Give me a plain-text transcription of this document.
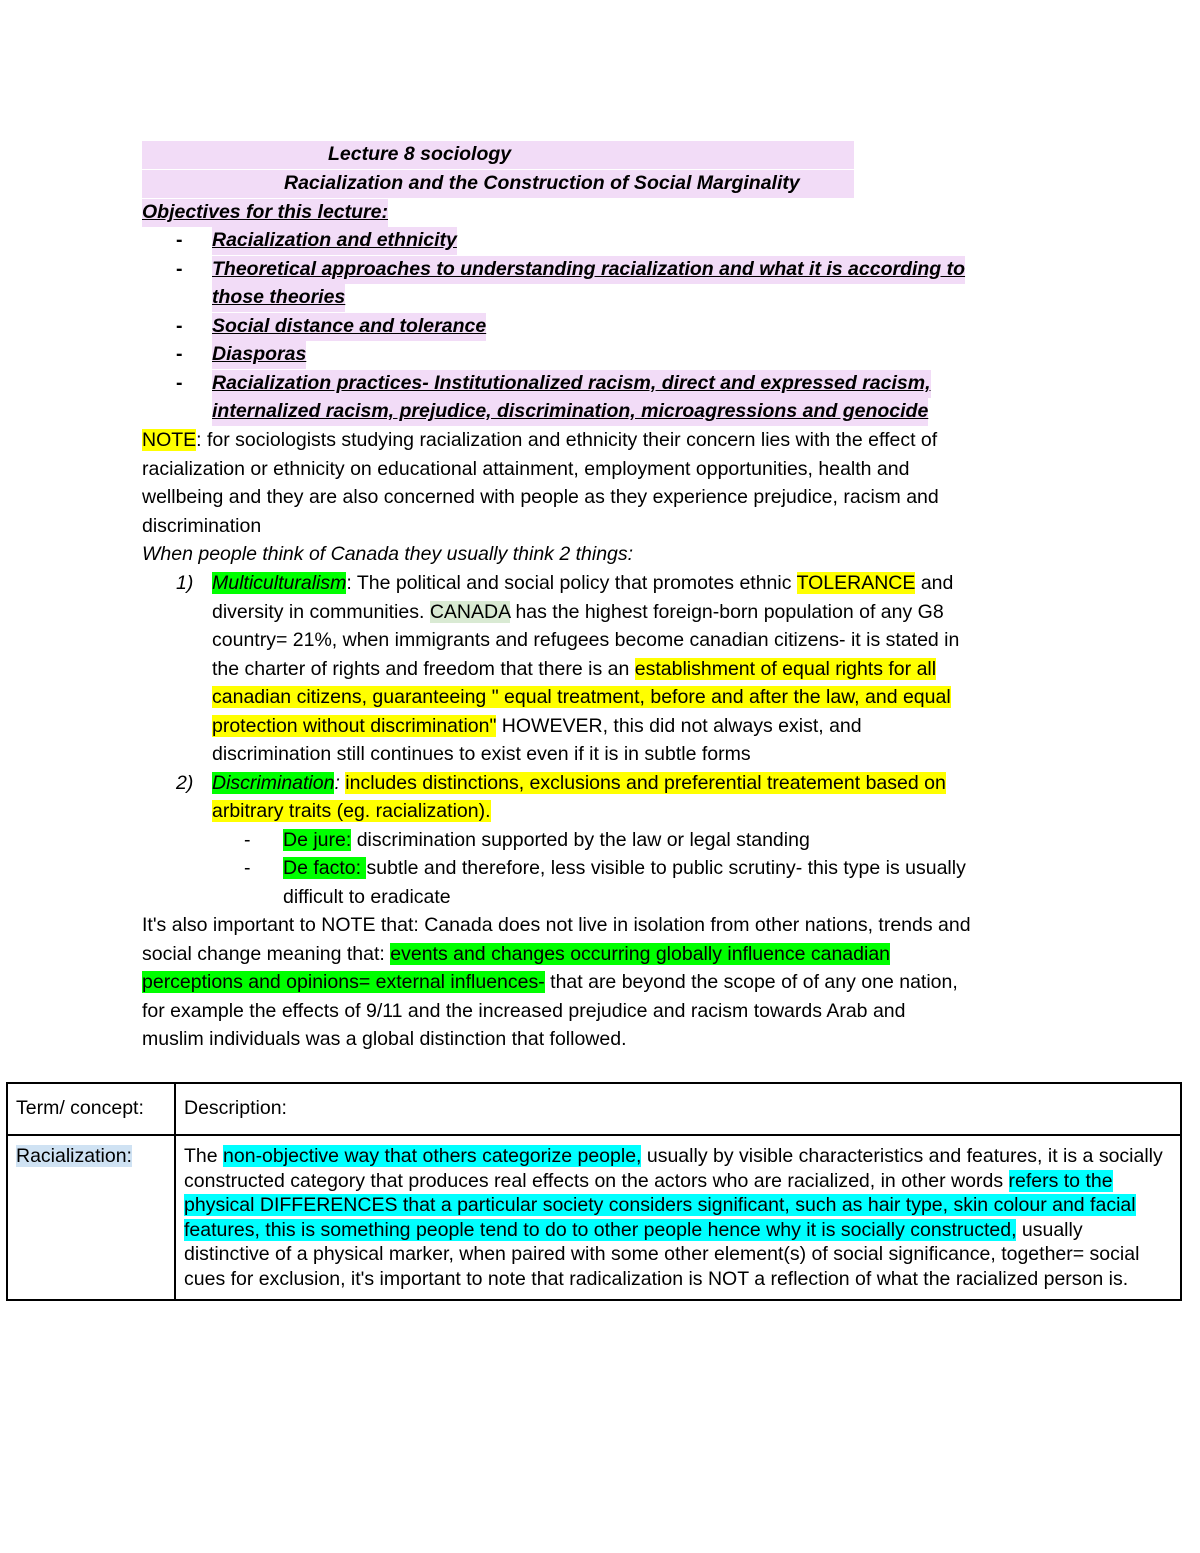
Lecture 8 sociology
Racialization and the Construction of Social Marginality
Objectives for this lecture:
-	Racialization and ethnicity
-	Theoretical approaches to understanding racialization and what it is according to
those theories
-	Social distance and tolerance
-	Diasporas
-	Racialization practices- Institutionalized racism, direct and expressed racism,
internalized racism, prejudice, discrimination, microagressions and genocide
NOTE: for sociologists studying racialization and ethnicity their concern lies with the effect of
racialization or ethnicity on educational attainment, employment opportunities, health and
wellbeing and they are also concerned with people as they experience prejudice, racism and
discrimination
When people think of Canada they usually think 2 things:
1) Multiculturalism: The political and social policy that promotes ethnic TOLERANCE and
diversity in communities. CANADA has the highest foreign-born population of any G8
country= 21%, when immigrants and refugees become canadian citizens- it is stated in
the charter of rights and freedom that there is an establishment of equal rights for all
canadian citizens, guaranteeing " equal treatment, before and after the law, and equal
protection without discrimination" HOWEVER, this did not always exist, and
discrimination still continues to exist even if it is in subtle forms
2) Discrimination: includes distinctions, exclusions and preferential treatement based on
arbitrary traits (eg. racialization).
- De jure: discrimination supported by the law or legal standing
- De facto: subtle and therefore, less visible to public scrutiny- this type is usually
difficult to eradicate
It's also important to NOTE that: Canada does not live in isolation from other nations, trends and
social change meaning that: events and changes occurring globally influence canadian
perceptions and opinions= external influences- that are beyond the scope of of any one nation,
for example the effects of 9/11 and the increased prejudice and racism towards Arab and
muslim individuals was a global distinction that followed.
Term/ concept:	Description:
Racialization:	The non-objective way that others categorize people, usually by visible characteristics and features, it is a socially constructed category that produces real effects on the actors who are racialized, in other words refers to the physical DIFFERENCES that a particular society considers significant, such as hair type, skin colour and facial features, this is something people tend to do to other people hence why it is socially constructed, usually distinctive of a physical marker, when paired with some other element(s) of social significance, together= social cues for exclusion, it's important to note that radicalization is NOT a reflection of what the racialized person is.
